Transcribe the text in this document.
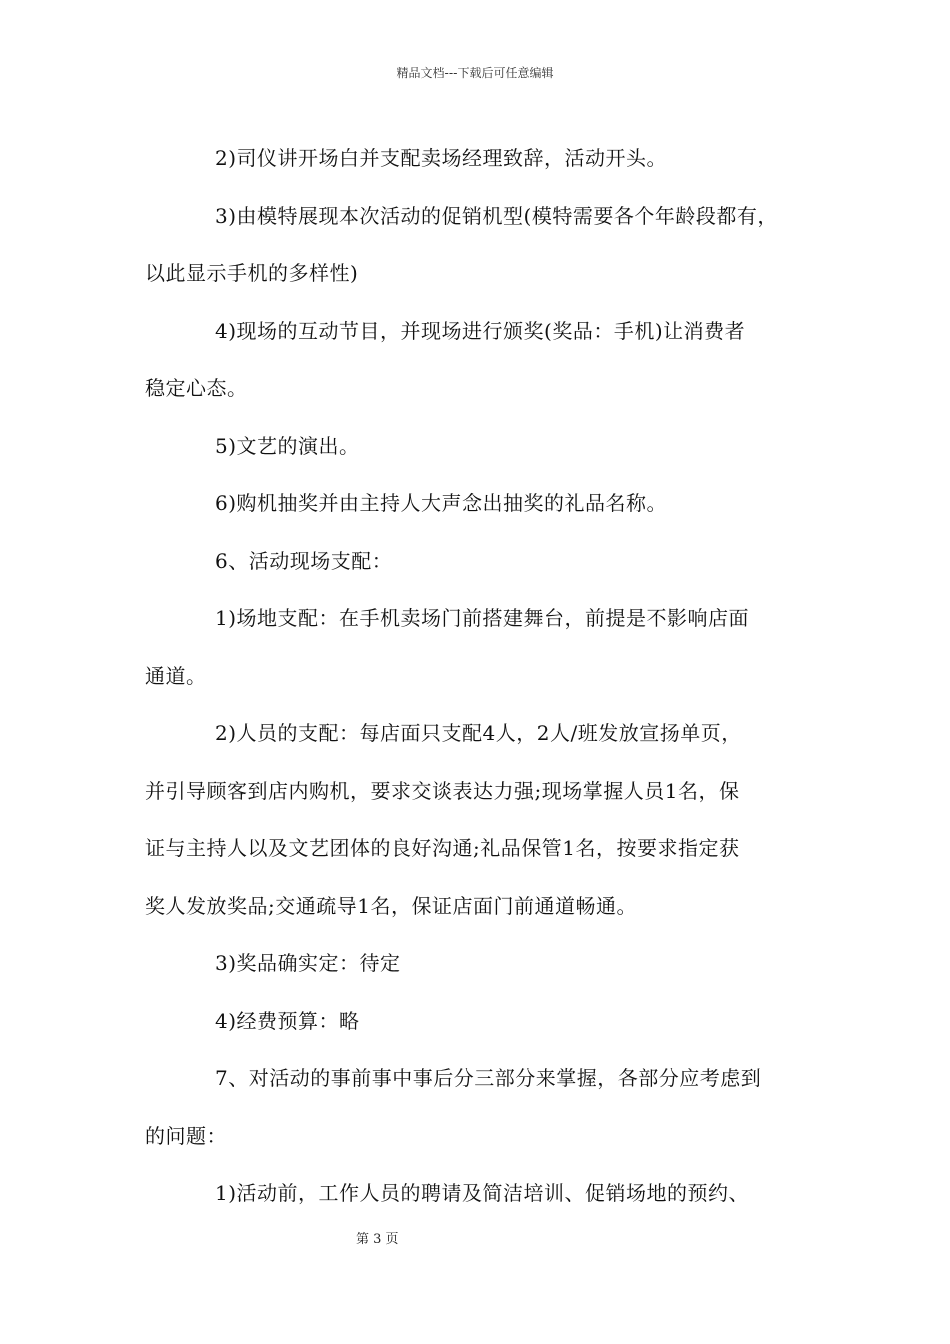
精品文档---下载后可任意编辑

2)司仪讲开场白并支配卖场经理致辞，活动开头。

3)由模特展现本次活动的促销机型(模特需要各个年龄段都有，
以此显示手机的多样性)

4)现场的互动节目，并现场进行颁奖(奖品：手机)让消费者
稳定心态。

5)文艺的演出。

6)购机抽奖并由主持人大声念出抽奖的礼品名称。

6、活动现场支配：

1)场地支配：在手机卖场门前搭建舞台，前提是不影响店面
通道。

2)人员的支配：每店面只支配4人，2人/班发放宣扬单页，
并引导顾客到店内购机，要求交谈表达力强;现场掌握人员1名，保
证与主持人以及文艺团体的良好沟通;礼品保管1名，按要求指定获
奖人发放奖品;交通疏导1名，保证店面门前通道畅通。

3)奖品确实定：待定

4)经费预算：略

7、对活动的事前事中事后分三部分来掌握，各部分应考虑到
的问题：

1)活动前，工作人员的聘请及简洁培训、促销场地的预约、

第 3 页
